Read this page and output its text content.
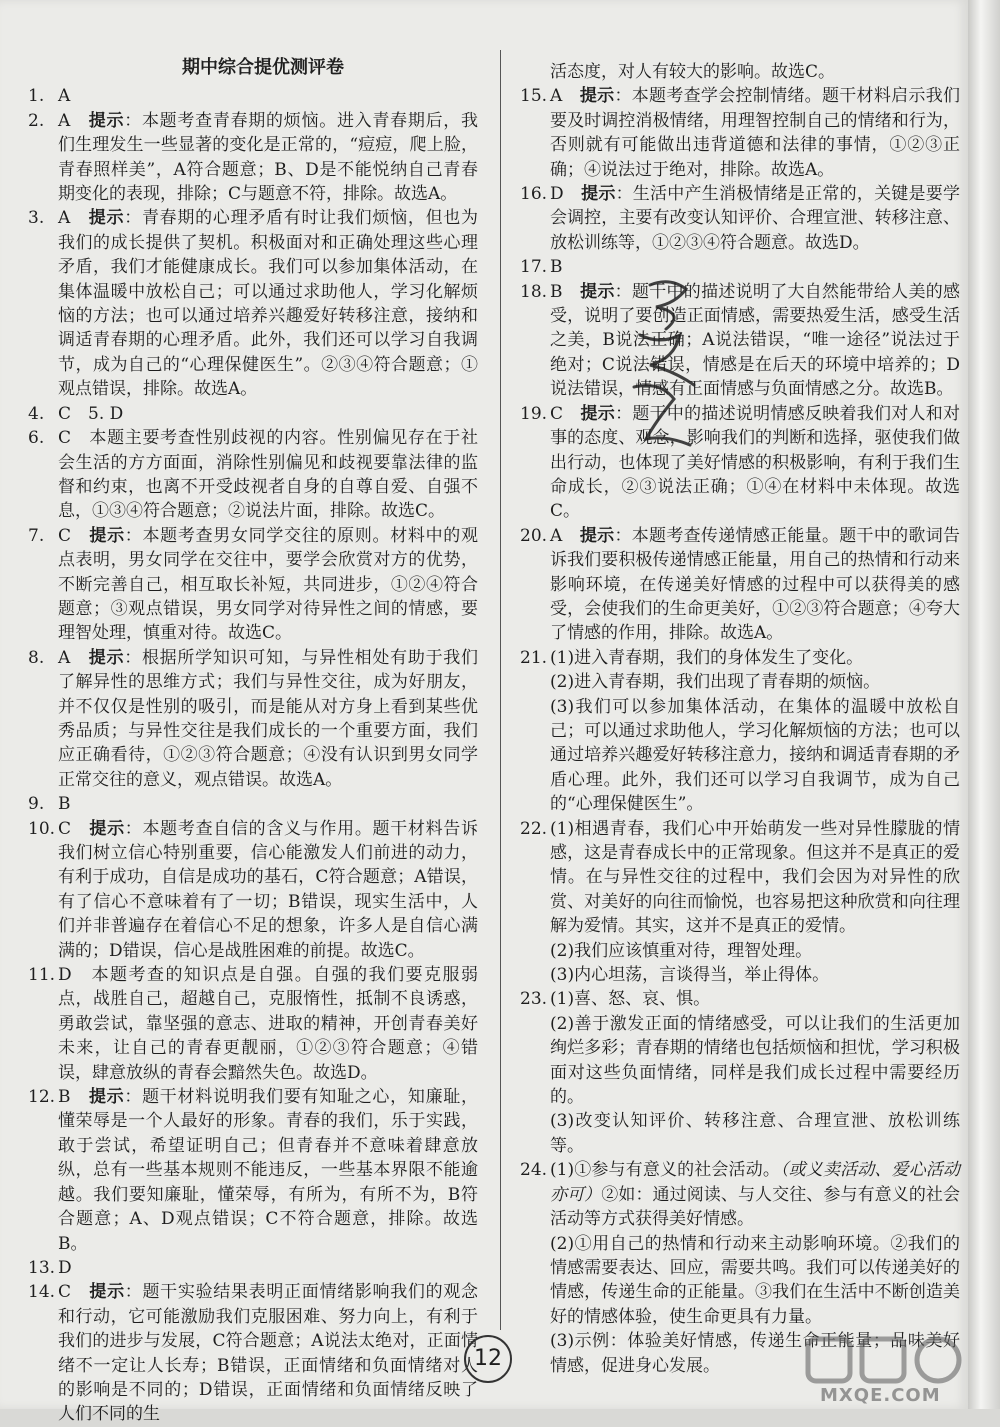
期中综合提优测评卷
1. A
2. A　 提示：本题考查青春期的烦恼。进入青春期后，我们生理发生一些显著的变化是正常的，“痘痘，爬上脸，青春照样美”，A符合题意；B、D是不能悦纳自己青春期变化的表现，排除；C与题意不符，排除。故选A。
3. A　 提示：青春期的心理矛盾有时让我们烦恼，但也为我们的成长提供了契机。积极面对和正确处理这些心理矛盾，我们才能健康成长。我们可以参加集体活动，在集体温暖中放松自己；可以通过求助他人，学习化解烦恼的方法；也可以通过培养兴趣爱好转移注意，接纳和调适青春期的心理矛盾。此外，我们还可以学习自我调节，成为自己的“心理保健医生”。②③④符合题意；①观点错误，排除。故选A。
4. C　5. D
6. C　本题主要考查性别歧视的内容。性别偏见存在于社会生活的方方面面，消除性别偏见和歧视要靠法律的监督和约束，也离不开受歧视者自身的自尊自爱、自强不息，①③④符合题意；②说法片面，排除。故选C。
7. C　 提示：本题考查男女同学交往的原则。材料中的观点表明，男女同学在交往中，要学会欣赏对方的优势，不断完善自己，相互取长补短，共同进步，①②④符合题意；③观点错误，男女同学对待异性之间的情感，要理智处理，慎重对待。故选C。
8. A　 提示：根据所学知识可知，与异性相处有助于我们了解异性的思维方式；我们与异性交往，成为好朋友，并不仅仅是性别的吸引，而是能从对方身上看到某些优秀品质；与异性交往是我们成长的一个重要方面，我们应正确看待，①②③符合题意；④没有认识到男女同学正常交往的意义，观点错误。故选A。
9. B
10. C　 提示：本题考查自信的含义与作用。题干材料告诉我们树立信心特别重要，信心能激发人们前进的动力，有利于成功，自信是成功的基石，C符合题意；A错误，有了信心不意味着有了一切；B错误，现实生活中，人们并非普遍存在着信心不足的想象，许多人是自信心满满的；D错误，信心是战胜困难的前提。故选C。
11. D　本题考查的知识点是自强。自强的我们要克服弱点，战胜自己，超越自己，克服惰性，抵制不良诱惑，勇敢尝试，靠坚强的意志、进取的精神，开创青春美好未来，让自己的青春更靓丽，①②③符合题意；④错误，肆意放纵的青春会黯然失色。故选D。
12. B　 提示：题干材料说明我们要有知耻之心，知廉耻，懂荣辱是一个人最好的形象。青春的我们，乐于实践，敢于尝试，希望证明自己；但青春并不意味着肆意放纵，总有一些基本规则不能违反，一些基本界限不能逾越。我们要知廉耻，懂荣辱，有所为，有所不为，B符合题意；A、D观点错误；C不符合题意，排除。故选B。
13. D
14. C　 提示：题干实验结果表明正面情绪影响我们的观念和行动，它可能激励我们克服困难、努力向上，有利于我们的进步与发展，C符合题意；A说法太绝对，正面情绪不一定让人长寿；B错误，正面情绪和负面情绪对人的影响是不同的；D错误，正面情绪和负面情绪反映了人们不同的生
活态度，对人有较大的影响。故选C。
15. A　 提示：本题考查学会控制情绪。题干材料启示我们要及时调控消极情绪，用理智控制自己的情绪和行为，否则就有可能做出违背道德和法律的事情，①②③正确；④说法过于绝对，排除。故选A。
16. D　 提示：生活中产生消极情绪是正常的，关键是要学会调控，主要有改变认知评价、合理宣泄、转移注意、放松训练等，①②③④符合题意。故选D。
17. B
18. B　 提示：题干中的描述说明了大自然能带给人美的感受，说明了要创造正面情感，需要热爱生活，感受生活之美，B说法正确；A说法错误，“唯一途径”说法过于绝对；C说法错误，情感是在后天的环境中培养的；D说法错误，情感有正面情感与负面情感之分。故选B。
19. C　 提示：题干中的描述说明情感反映着我们对人和对事的态度、观念，影响我们的判断和选择，驱使我们做出行动，也体现了美好情感的积极影响，有利于我们生命成长，②③说法正确；①④在材料中未体现。故选C。
20. A　 提示：本题考查传递情感正能量。题干中的歌词告诉我们要积极传递情感正能量，用自己的热情和行动来影响环境，在传递美好情感的过程中可以获得美的感受，会使我们的生命更美好，①②③符合题意；④夸大了情感的作用，排除。故选A。
21. (1)进入青春期，我们的身体发生了变化。
(2)进入青春期，我们出现了青春期的烦恼。
(3)我们可以参加集体活动，在集体的温暖中放松自己；可以通过求助他人，学习化解烦恼的方法；也可以通过培养兴趣爱好转移注意力，接纳和调适青春期的矛盾心理。此外，我们还可以学习自我调节，成为自己的“心理保健医生”。
22. (1)相遇青春，我们心中开始萌发一些对异性朦胧的情感，这是青春成长中的正常现象。但这并不是真正的爱情。在与异性交往的过程中，我们会因为对异性的欣赏、对美好的向往而愉悦，也容易把这种欣赏和向往理解为爱情。其实，这并不是真正的爱情。
(2)我们应该慎重对待，理智处理。
(3)内心坦荡，言谈得当，举止得体。
23. (1)喜、怒、哀、惧。
(2)善于激发正面的情绪感受，可以让我们的生活更加绚烂多彩；青春期的情绪也包括烦恼和担忧，学习积极面对这些负面情绪，同样是我们成长过程中需要经历的。
(3)改变认知评价、转移注意、合理宣泄、放松训练等。
24. (1)①参与有意义的社会活动。（或义卖活动、爱心活动亦可）②如：通过阅读、与人交往、参与有意义的社会活动等方式获得美好情感。
(2)①用自己的热情和行动来主动影响环境。②我们的情感需要表达、回应，需要共鸣。我们可以传递美好的情感，传递生命的正能量。③我们在生活中不断创造美好的情感体验，使生命更具有力量。
(3)示例：体验美好情感，传递生命正能量；品味美好情感，促进身心发展。
12
MXQE.COM
